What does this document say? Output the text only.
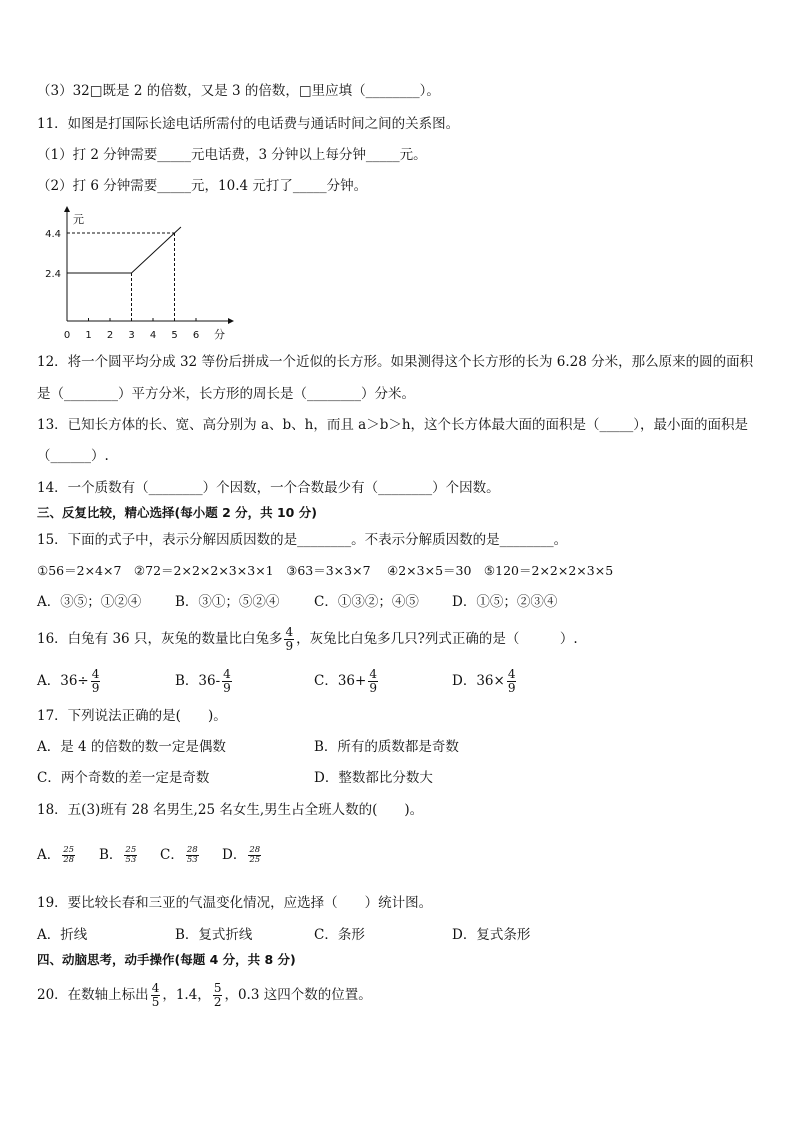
（3）32□既是 2 的倍数，又是 3 的倍数，□里应填（________）。
11．如图是打国际长途电话所需付的电话费与通话时间之间的关系图。
（1）打 2 分钟需要_____元电话费，3 分钟以上每分钟_____元。
（2）打 6 分钟需要_____元，10.4 元打了_____分钟。
元
分
0 1 2 3 4 5 6
2.4
4.4
12．将一个圆平均分成 32 等份后拼成一个近似的长方形。如果测得这个长方形的长为 6.28 分米，那么原来的圆的面积
是（________）平方分米，长方形的周长是（________）分米。
13．已知长方体的长、宽、高分别为 a、b、h，而且 a＞b＞h，这个长方体最大面的面积是（_____），最小面的面积是
（______）.
14．一个质数有（________）个因数，一个合数最少有（________）个因数。
三、反复比较，精心选择(每小题 2 分，共 10 分)
15．下面的式子中，表示分解因质因数的是________。不表示分解质因数的是________。
①56＝2×4×7　②72＝2×2×2×3×3×1　③63＝3×3×7　 ④2×3×5＝30　⑤120＝2×2×2×3×5
A．③⑤；①②④	B．③①；⑤②④	C．①③②；④⑤ D．①⑤；②③④
16．白兔有 36 只，灰兔的数量比白兔多 $\frac{4}{9}$ ，灰兔比白兔多几只?列式正确的是（　　　）.
A．$36\div \frac{4}{9}$	B．$36- \frac{4}{9}$	C．$36+ \frac{4}{9}$	D．$36\times \frac{4}{9}$
17．下列说法正确的是(　　)。
A．是 4 的倍数的数一定是偶数	B．所有的质数都是奇数
C．两个奇数的差一定是奇数	D．整数都比分数大
18．五(3)班有 28 名男生,25 名女生,男生占全班人数的(　　)。
A． $\frac{25}{28}$ B． $\frac{25}{53}$ C． $\frac{28}{53}$ D． $\frac{28}{25}$
19．要比较长春和三亚的气温变化情况，应选择（　　）统计图。
A．折线	B．复式折线	C．条形	D．复式条形
四、动脑思考，动手操作(每题 4 分，共 8 分)
20．在数轴上标出 $\frac{4}{5}$ ，1.4， $\frac{5}{2}$ ，0.3 这四个数的位置。
